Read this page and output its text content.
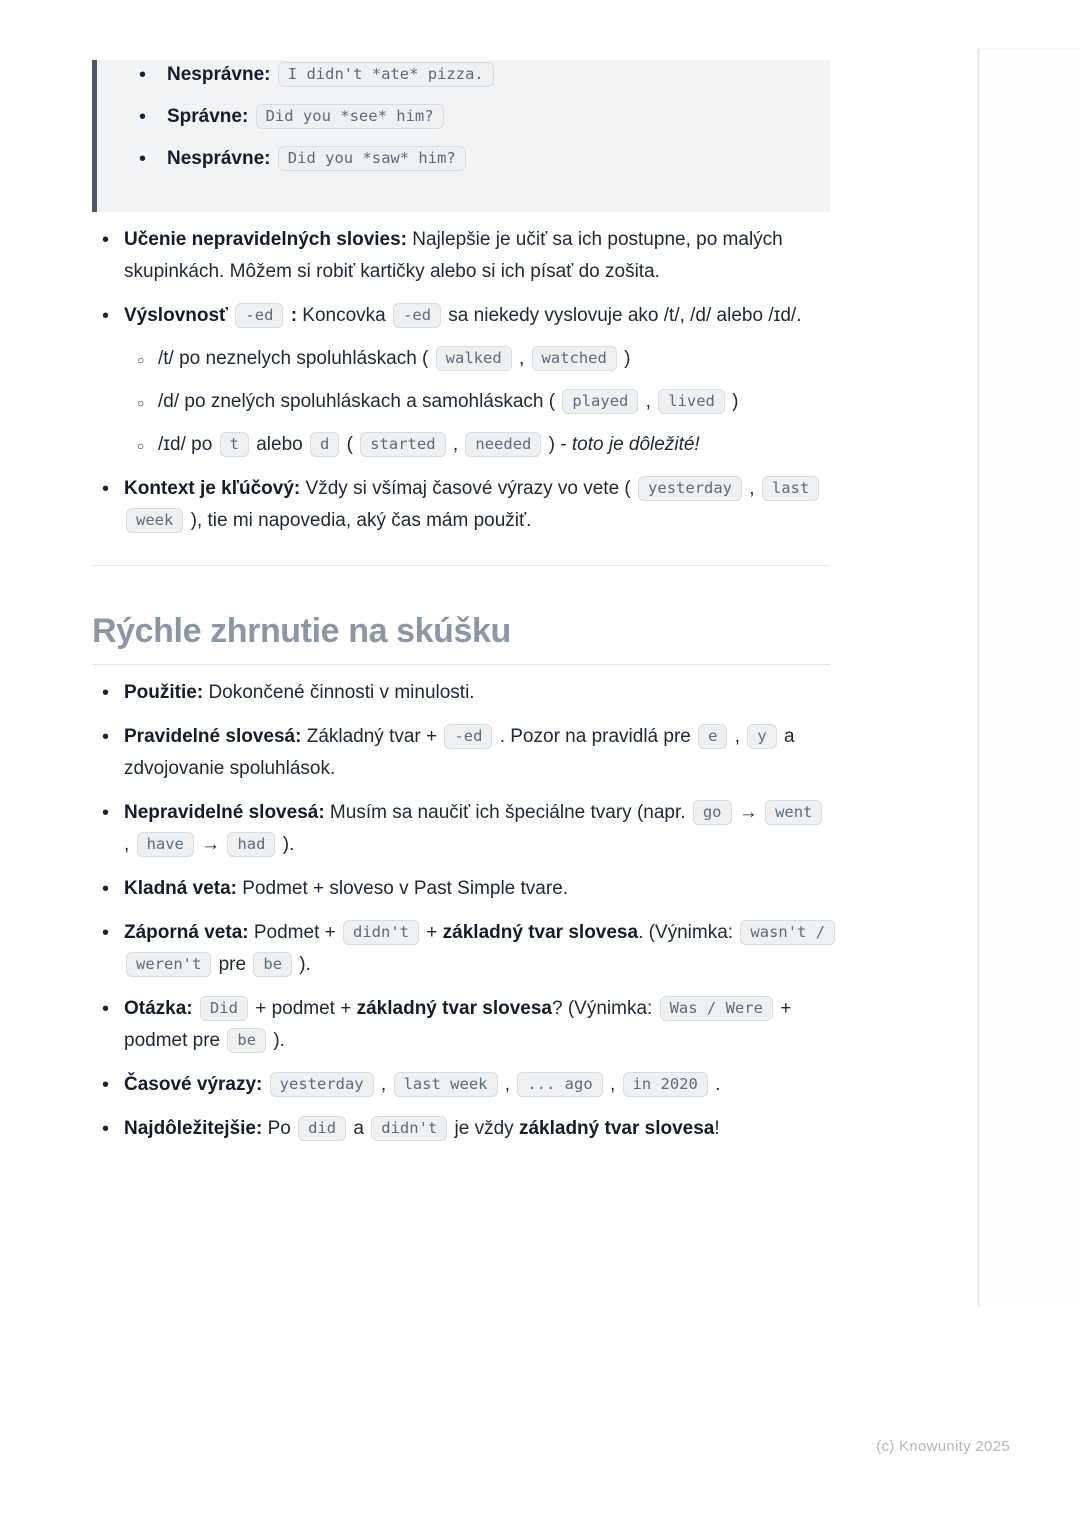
• Nesprávne: I didn't *ate* pizza.
• Správne: Did you *see* him?
• Nesprávne: Did you *saw* him?
• Učenie nepravidelných slovies: Najlepšie je učiť sa ich postupne, po malých skupinkách. Môžem si robiť kartičky alebo si ich písať do zošita.
• Výslovnosť -ed : Koncovka -ed sa niekedy vyslovuje ako /t/, /d/ alebo /ɪd/.
○ /t/ po neznelych spoluhláskach ( walked , watched )
○ /d/ po znelých spoluhláskach a samohláskach ( played , lived )
○ /ɪd/ po t alebo d ( started , needed ) - toto je dôležité!
• Kontext je kľúčový: Vždy si všímaj časové výrazy vo vete ( yesterday , last week ), tie mi napovedia, aký čas mám použiť.
Rýchle zhrnutie na skúšku
• Použitie: Dokončené činnosti v minulosti.
• Pravidelné slovesá: Základný tvar + -ed . Pozor na pravidlá pre e , y a zdvojovanie spoluhlások.
• Nepravidelné slovesá: Musím sa naučiť ich špeciálne tvary (napr. go → went , have → had ).
• Kladná veta: Podmet + sloveso v Past Simple tvare.
• Záporná veta: Podmet + didn't + základný tvar slovesa. (Výnimka: wasn't / weren't pre be ).
• Otázka: Did + podmet + základný tvar slovesa? (Výnimka: Was / Were + podmet pre be ).
• Časové výrazy: yesterday , last week , ... ago , in 2020 .
• Najdôležitejšie: Po did a didn't je vždy základný tvar slovesa!
(c) Knowunity 2025
